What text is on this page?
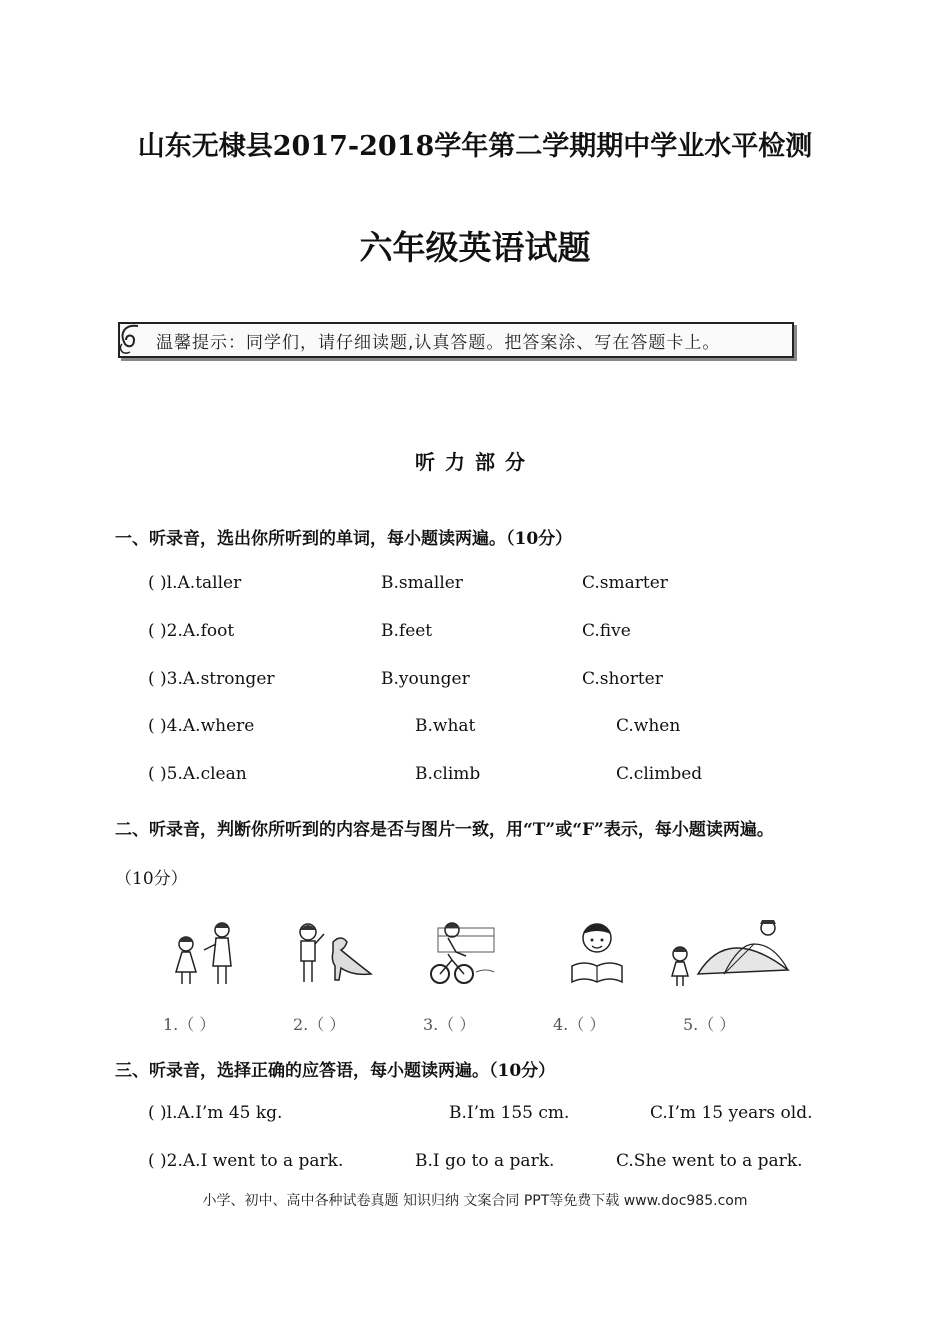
山东无棣县2017-2018学年第二学期期中学业水平检测
六年级英语试题
温馨提示：同学们，请仔细读题,认真答题。把答案涂、写在答题卡上。
听力部分
一、听录音，选出你所听到的单词，每小题读两遍。（10分）
( )l.A.taller	B.smaller	C.smarter
( )2.A.foot	B.feet	C.five
( )3.A.stronger	B.younger	C.shorter
( )4.A.where	B.what	C.when
( )5.A.clean	B.climb	C.climbed
二、听录音，判断你所听到的内容是否与图片一致，用“T”或“F”表示，每小题读两遍。
（10分）
1.（ ）	2.（ ）	3.（ ）	4.（ ）	5.（ ）
三、听录音，选择正确的应答语，每小题读两遍。（10分）
( )l.A.I’m 45 kg.	B.I’m 155 cm.	C.I’m 15 years old.
( )2.A.I went to a park.	B.I go to a park.	C.She went to a park.
小学、初中、高中各种试卷真题 知识归纳 文案合同 PPT等免费下载 www.doc985.com
